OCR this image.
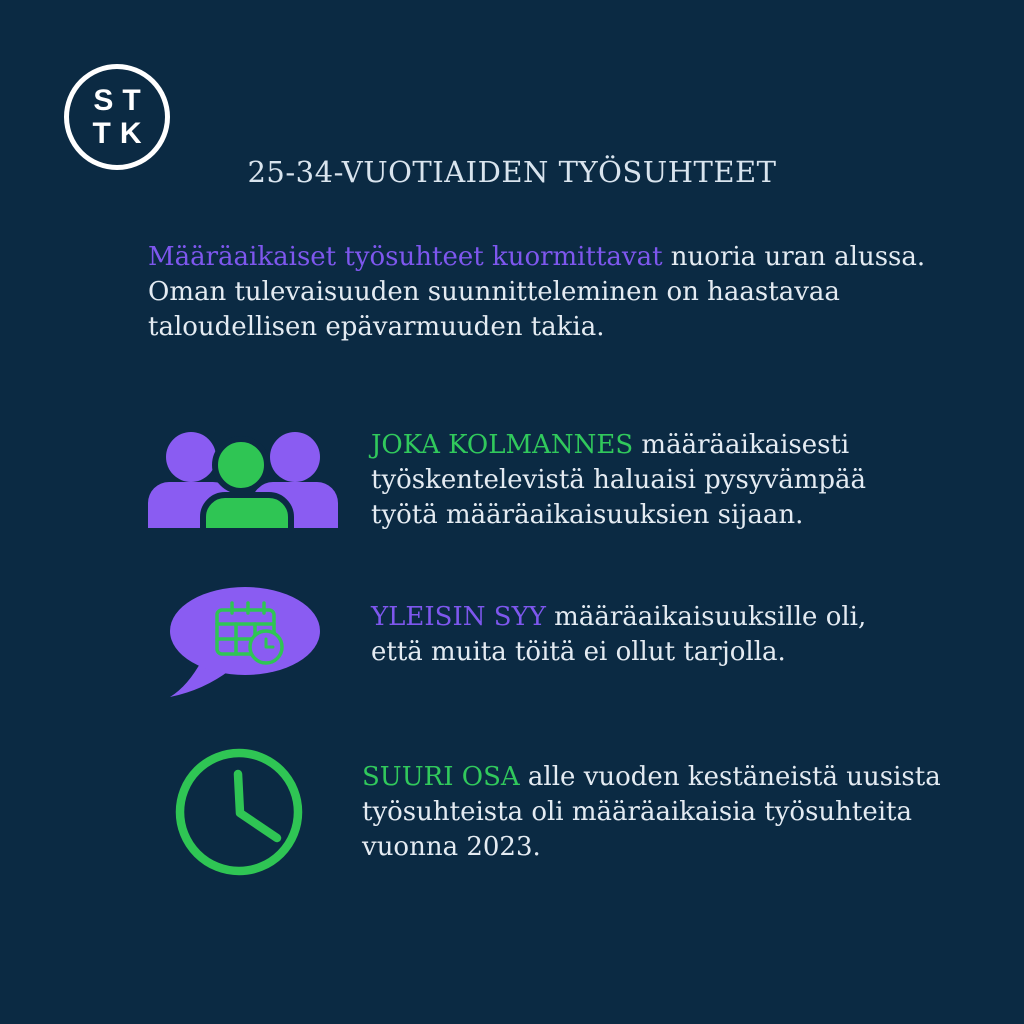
ST
TK
25-34-VUOTIAIDEN TYÖSUHTEET
Määräaikaiset työsuhteet kuormittavat nuoria uran alussa.
Oman tulevaisuuden suunnitteleminen on haastavaa
taloudellisen epävarmuuden takia.
JOKA KOLMANNES määräaikaisesti
työskentelevistä haluaisi pysyvämpää
työtä määräaikaisuuksien sijaan.
YLEISIN SYY määräaikaisuuksille oli,
että muita töitä ei ollut tarjolla.
SUURI OSA alle vuoden kestäneistä uusista
työsuhteista oli määräaikaisia työsuhteita
vuonna 2023.
